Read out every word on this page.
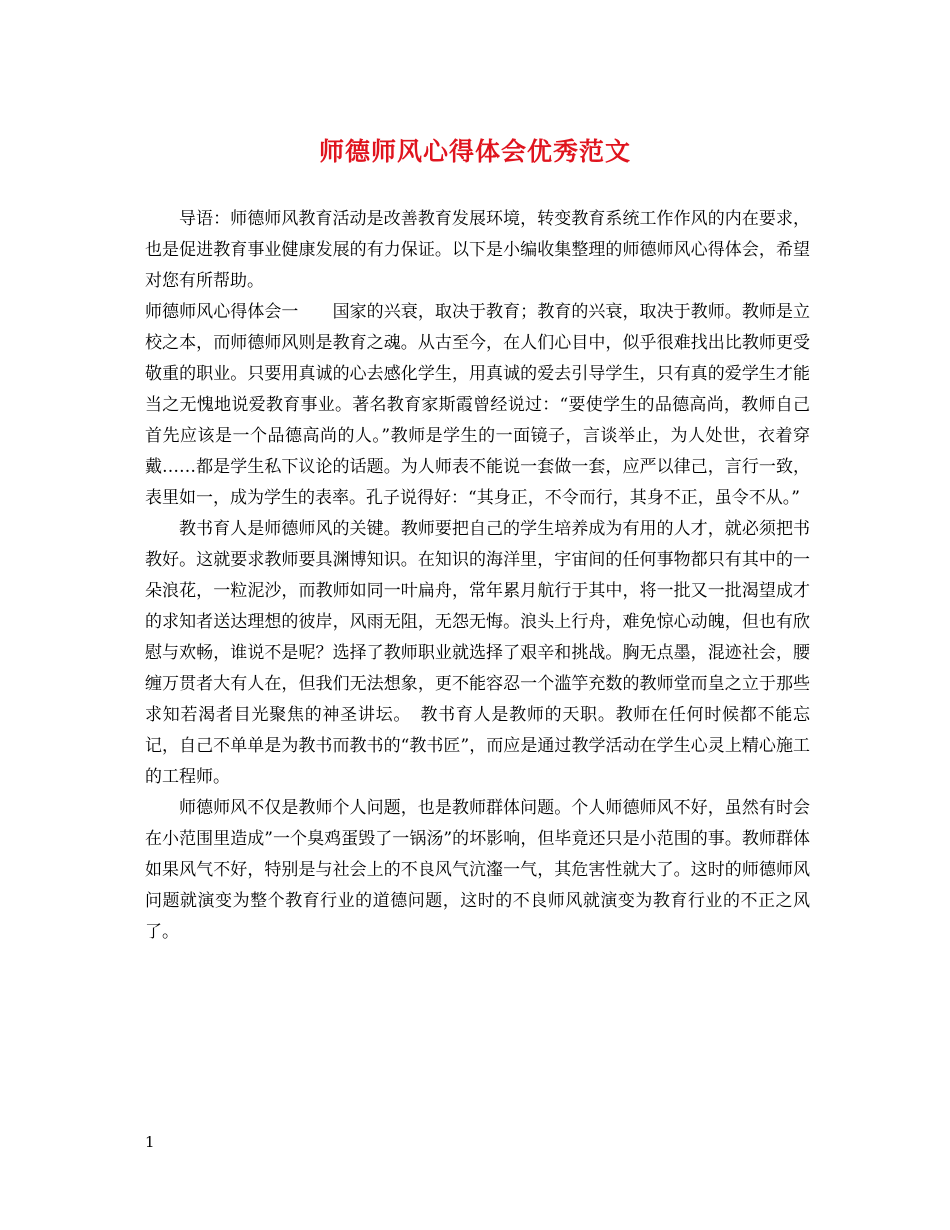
师德师风心得体会优秀范文

导语：师德师风教育活动是改善教育发展环境，转变教育系统工作作风的内在要求，也是促进教育事业健康发展的有力保证。以下是小编收集整理的师德师风心得体会，希望对您有所帮助。

师德师风心得体会一　　国家的兴衰，取决于教育；教育的兴衰，取决于教师。教师是立校之本，而师德师风则是教育之魂。从古至今，在人们心目中，似乎很难找出比教师更受敬重的职业。只要用真诚的心去感化学生，用真诚的爱去引导学生，只有真的爱学生才能当之无愧地说爱教育事业。著名教育家斯霞曾经说过：“要使学生的品德高尚，教师自己首先应该是一个品德高尚的人。”教师是学生的一面镜子，言谈举止，为人处世，衣着穿戴……都是学生私下议论的话题。为人师表不能说一套做一套，应严以律己，言行一致，表里如一，成为学生的表率。孔子说得好：“其身正，不令而行，其身不正，虽令不从。”

教书育人是师德师风的关键。教师要把自己的学生培养成为有用的人才，就必须把书教好。这就要求教师要具渊博知识。在知识的海洋里，宇宙间的任何事物都只有其中的一朵浪花，一粒泥沙，而教师如同一叶扁舟，常年累月航行于其中，将一批又一批渴望成才的求知者送达理想的彼岸，风雨无阻，无怨无悔。浪头上行舟，难免惊心动魄，但也有欣慰与欢畅，谁说不是呢？选择了教师职业就选择了艰辛和挑战。胸无点墨，混迹社会，腰缠万贯者大有人在，但我们无法想象，更不能容忍一个滥竽充数的教师堂而皇之立于那些求知若渴者目光聚焦的神圣讲坛。　教书育人是教师的天职。教师在任何时候都不能忘记，自己不单单是为教书而教书的“教书匠”，而应是通过教学活动在学生心灵上精心施工的工程师。

师德师风不仅是教师个人问题，也是教师群体问题。个人师德师风不好，虽然有时会在小范围里造成”一个臭鸡蛋毁了一锅汤”的坏影响，但毕竟还只是小范围的事。教师群体如果风气不好，特别是与社会上的不良风气沆瀣一气，其危害性就大了。这时的师德师风问题就演变为整个教育行业的道德问题，这时的不良师风就演变为教育行业的不正之风了。

1
